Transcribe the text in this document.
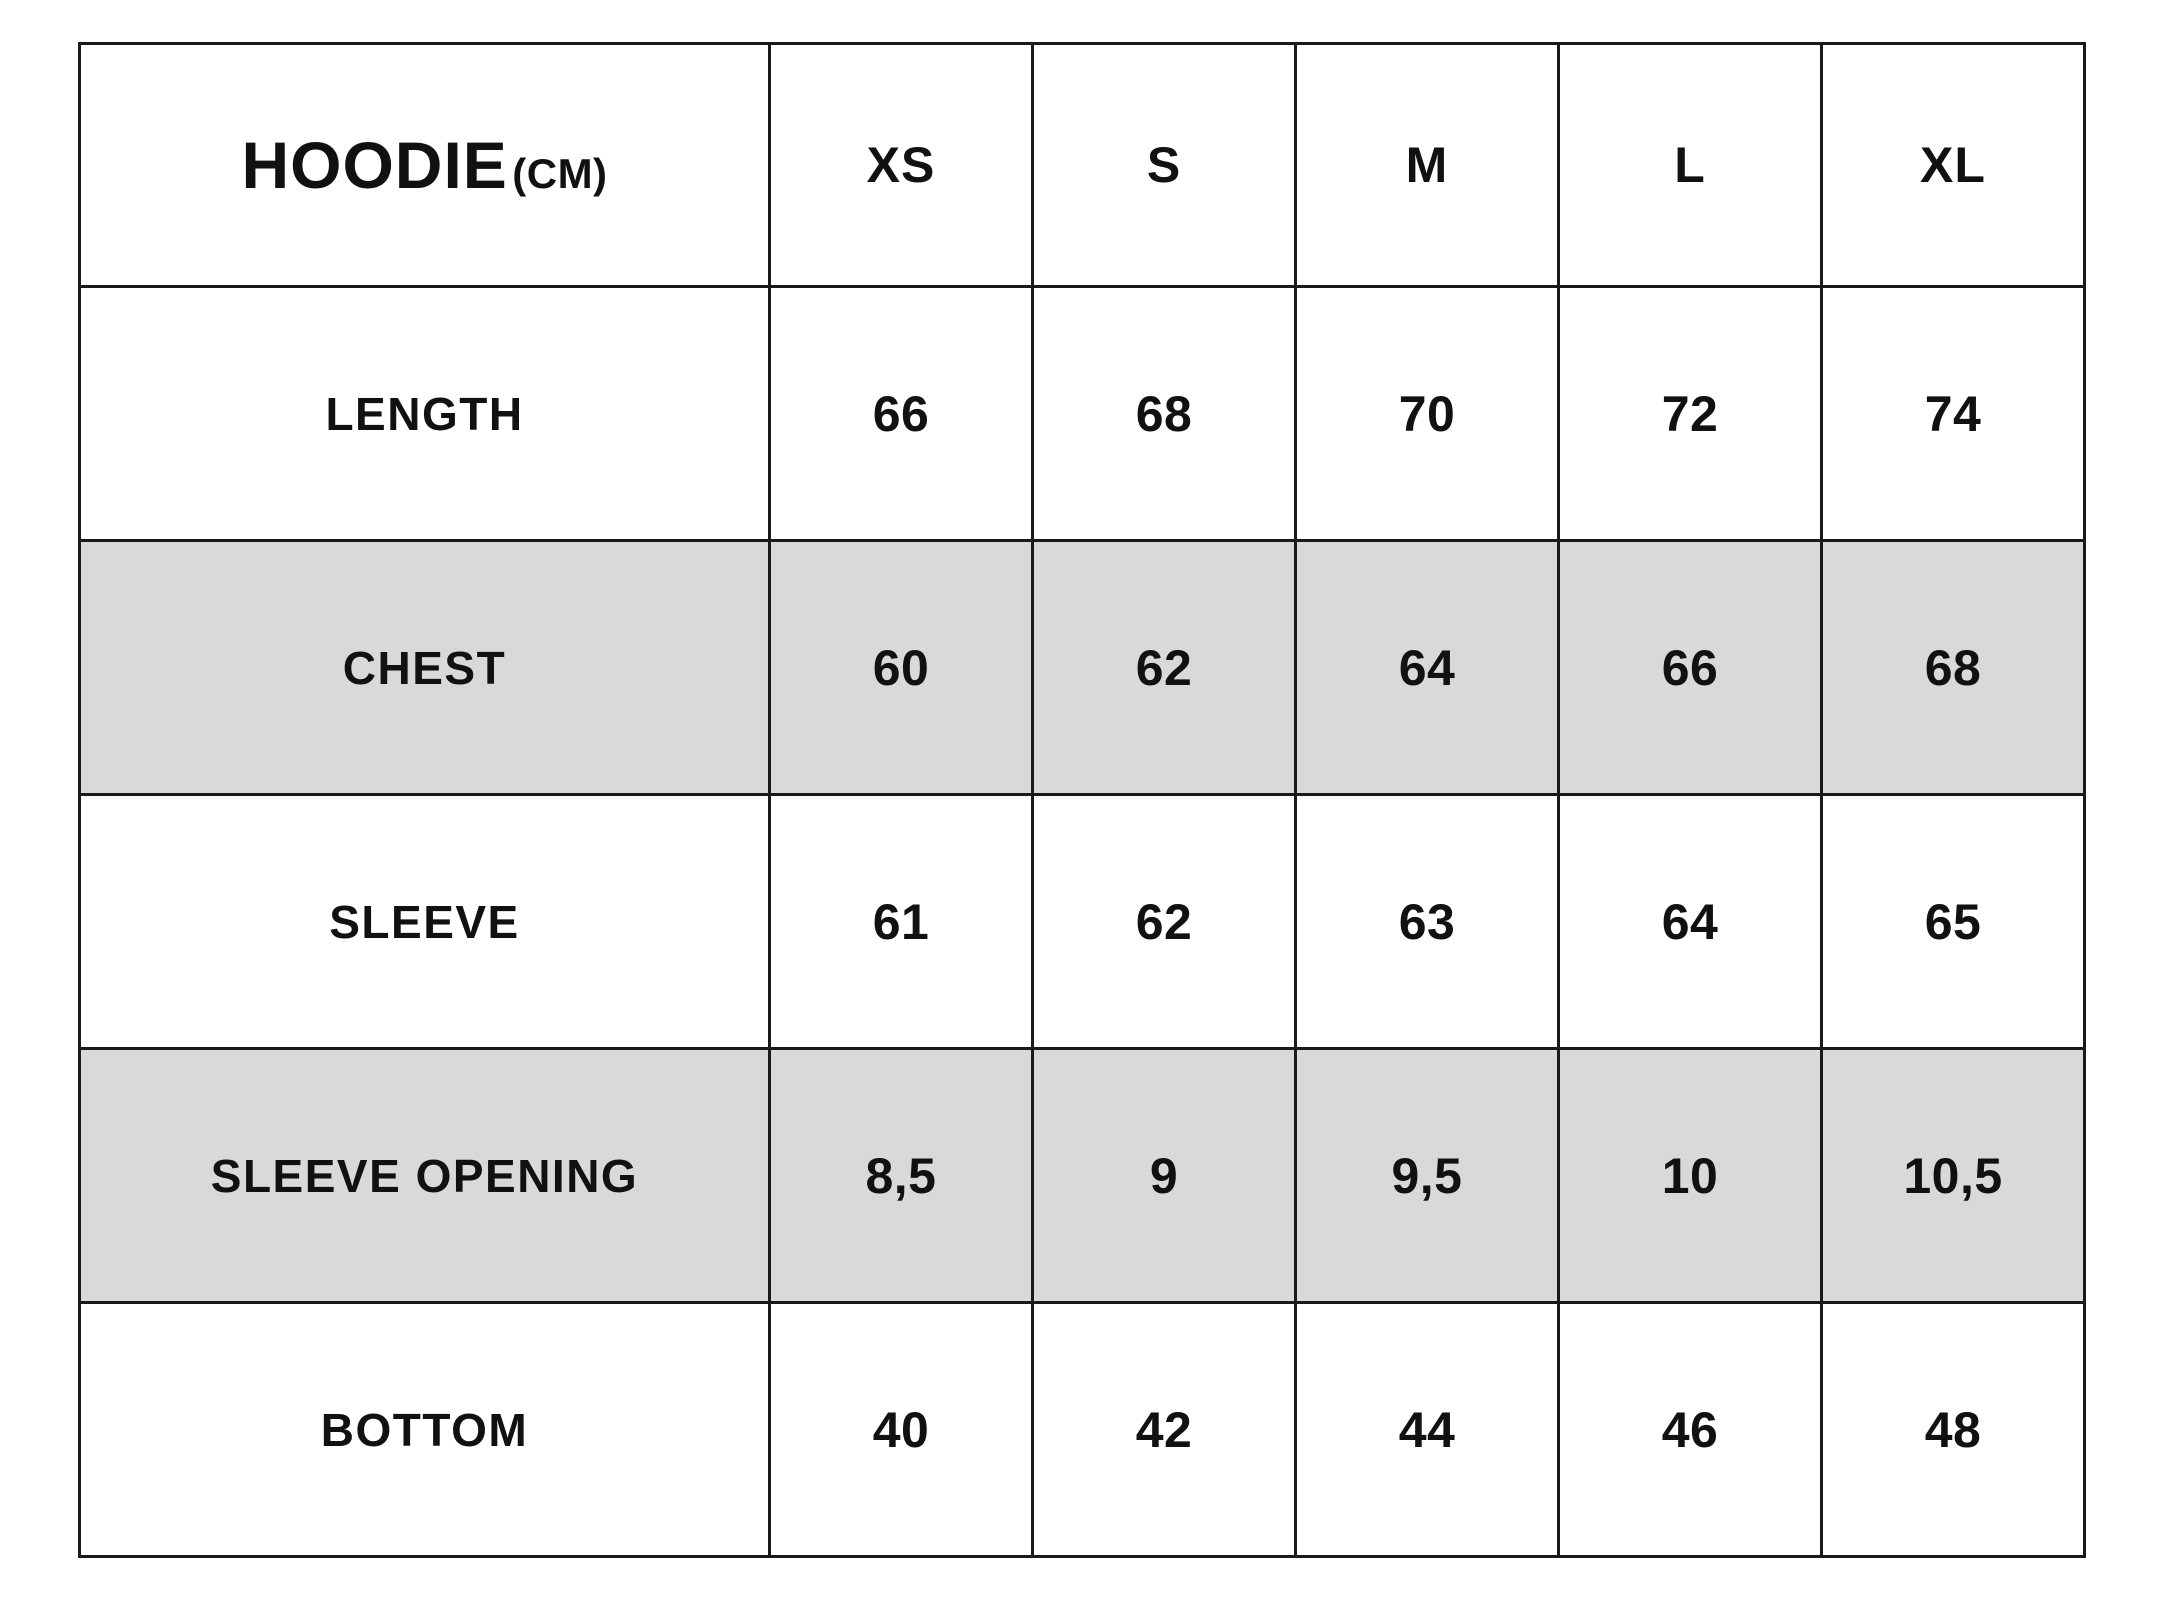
HOODIE (CM)	XS	S	M	L	XL
LENGTH	66	68	70	72	74
CHEST	60	62	64	66	68
SLEEVE	61	62	63	64	65
SLEEVE OPENING	8,5	9	9,5	10	10,5
BOTTOM	40	42	44	46	48
